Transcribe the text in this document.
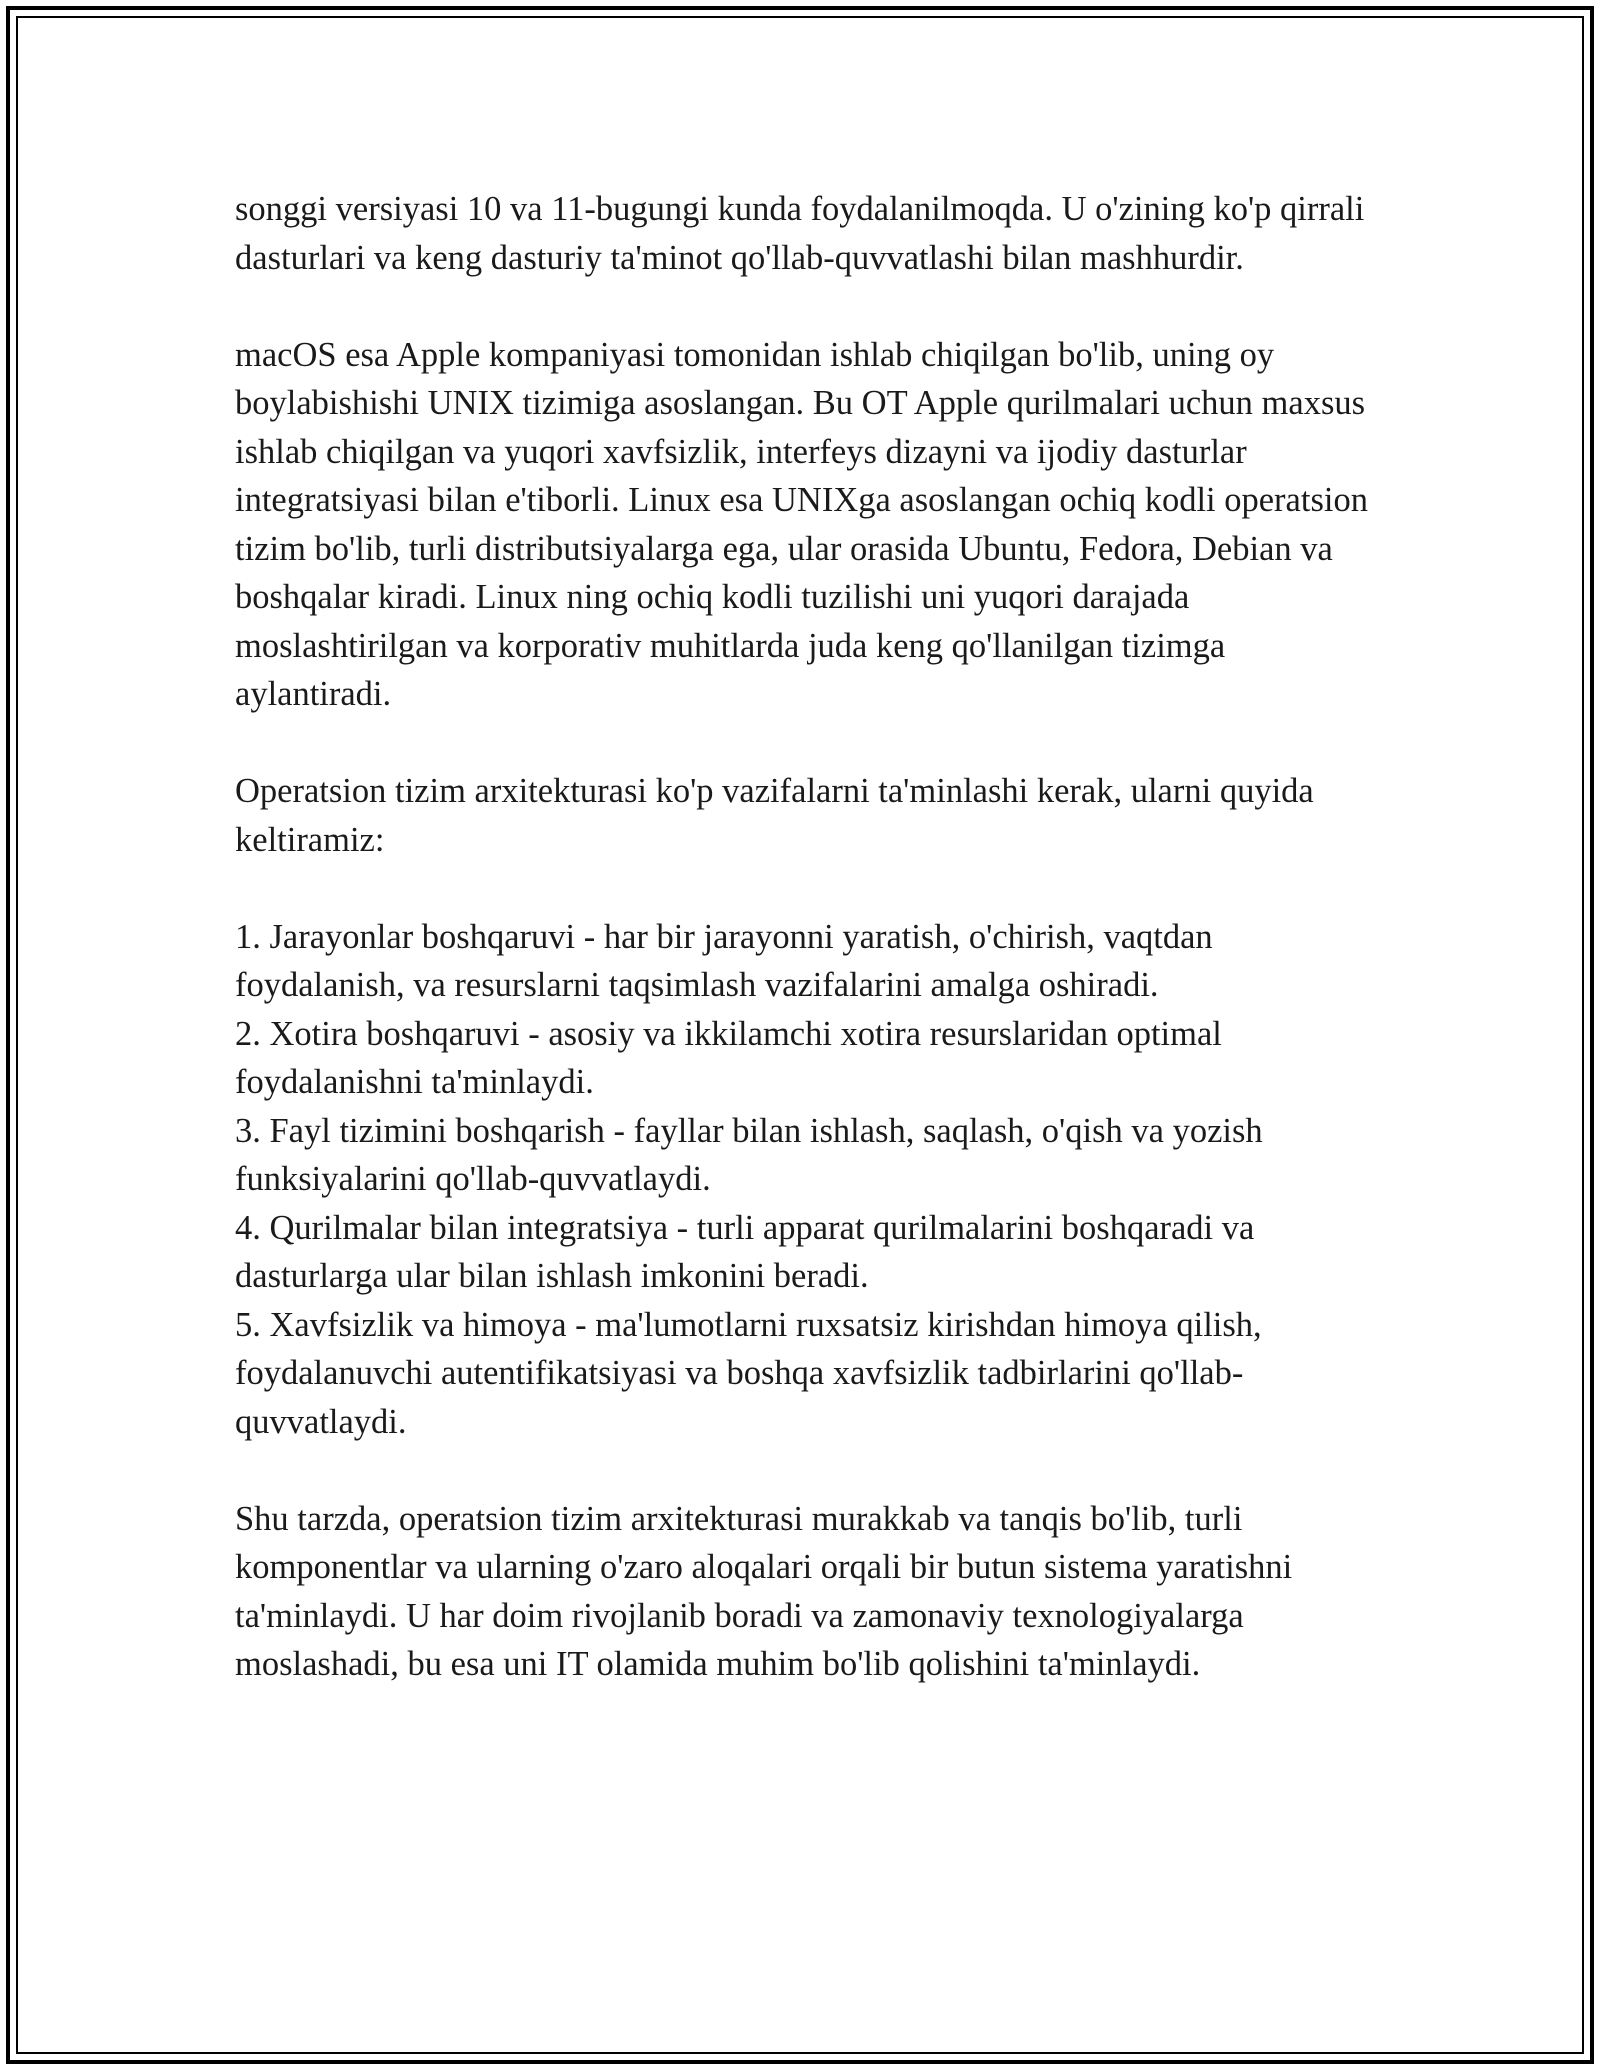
songgi versiyasi 10 va 11-bugungi kunda foydalanilmoqda. U o'zining ko'p qirrali dasturlari va keng dasturiy ta'minot qo'llab-quvvatlashi bilan mashhurdir.

macOS esa Apple kompaniyasi tomonidan ishlab chiqilgan bo'lib, uning oy boylabishishi UNIX tizimiga asoslangan. Bu OT Apple qurilmalari uchun maxsus ishlab chiqilgan va yuqori xavfsizlik, interfeys dizayni va ijodiy dasturlar integratsiyasi bilan e'tiborli. Linux esa UNIXga asoslangan ochiq kodli operatsion tizim bo'lib, turli distributsiyalarga ega, ular orasida Ubuntu, Fedora, Debian va boshqalar kiradi. Linux ning ochiq kodli tuzilishi uni yuqori darajada moslashtirilgan va korporativ muhitlarda juda keng qo'llanilgan tizimga aylantiradi.

Operatsion tizim arxitekturasi ko'p vazifalarni ta'minlashi kerak, ularni quyida keltiramiz:

1. Jarayonlar boshqaruvi - har bir jarayonni yaratish, o'chirish, vaqtdan foydalanish, va resurslarni taqsimlash vazifalarini amalga oshiradi.
2. Xotira boshqaruvi - asosiy va ikkilamchi xotira resurslaridan optimal foydalanishni ta'minlaydi.
3. Fayl tizimini boshqarish - fayllar bilan ishlash, saqlash, o'qish va yozish funksiyalarini qo'llab-quvvatlaydi.
4. Qurilmalar bilan integratsiya - turli apparat qurilmalarini boshqaradi va dasturlarga ular bilan ishlash imkonini beradi.
5. Xavfsizlik va himoya - ma'lumotlarni ruxsatsiz kirishdan himoya qilish, foydalanuvchi autentifikatsiyasi va boshqa xavfsizlik tadbirlarini qo'llab-quvvatlaydi.

Shu tarzda, operatsion tizim arxitekturasi murakkab va tanqis bo'lib, turli komponentlar va ularning o'zaro aloqalari orqali bir butun sistema yaratishni ta'minlaydi. U har doim rivojlanib boradi va zamonaviy texnologiyalarga moslashadi, bu esa uni IT olamida muhim bo'lib qolishini ta'minlaydi.
